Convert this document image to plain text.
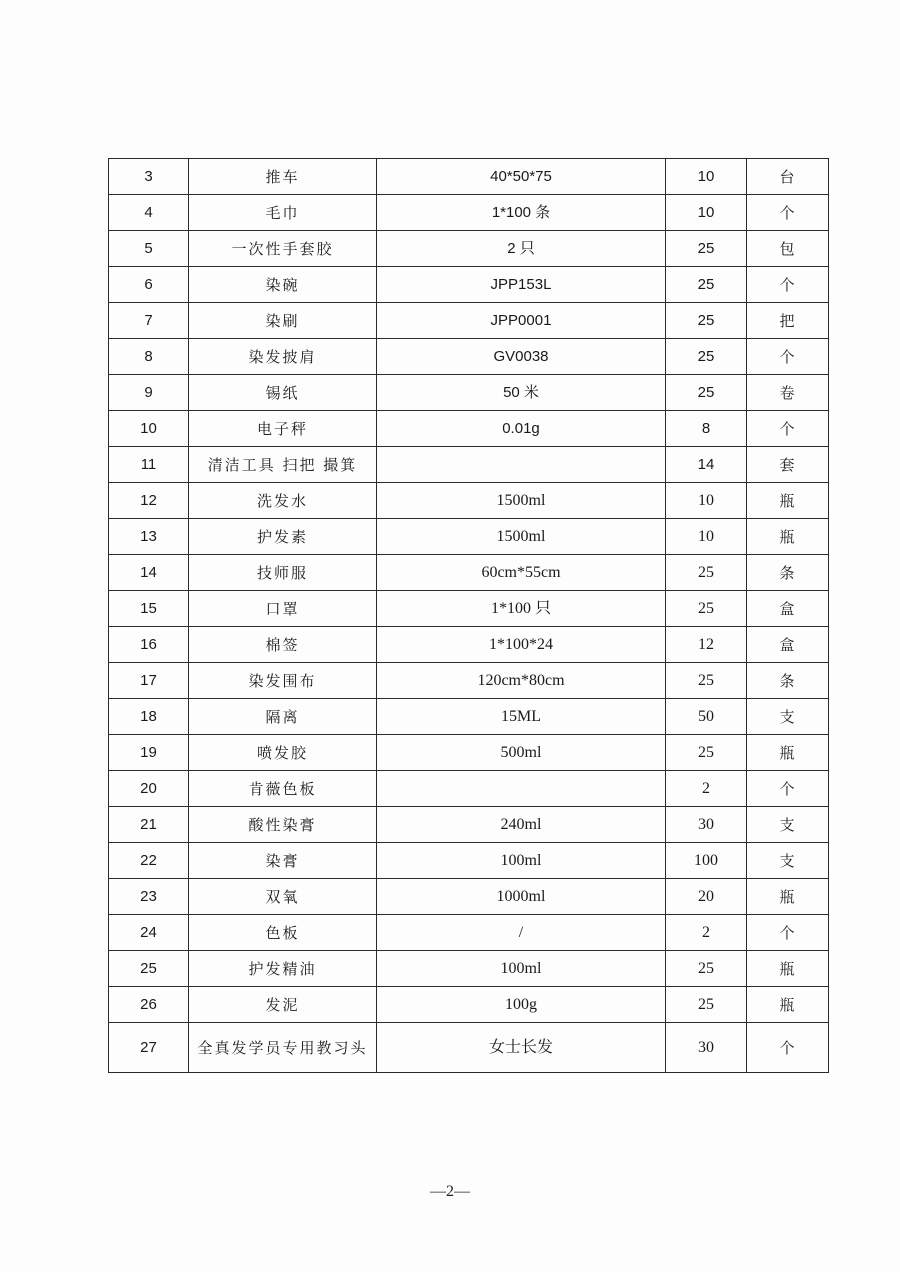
3	推车	40*50*75	10	台
4	毛巾	1*100 条	10	个
5	一次性手套胶	2 只	25	包
6	染碗	JPP153L	25	个
7	染刷	JPP0001	25	把
8	染发披肩	GV0038	25	个
9	锡纸	50 米	25	卷
10	电子秤	0.01g	8	个
11	清洁工具 扫把 撮箕		14	套
12	洗发水	1500ml	10	瓶
13	护发素	1500ml	10	瓶
14	技师服	60cm*55cm	25	条
15	口罩	1*100 只	25	盒
16	棉签	1*100*24	12	盒
17	染发围布	120cm*80cm	25	条
18	隔离	15ML	50	支
19	喷发胶	500ml	25	瓶
20	肯薇色板		2	个
21	酸性染膏	240ml	30	支
22	染膏	100ml	100	支
23	双氧	1000ml	20	瓶
24	色板	/	2	个
25	护发精油	100ml	25	瓶
26	发泥	100g	25	瓶
27	全真发学员专用教习头	女士长发	30	个
—2—
